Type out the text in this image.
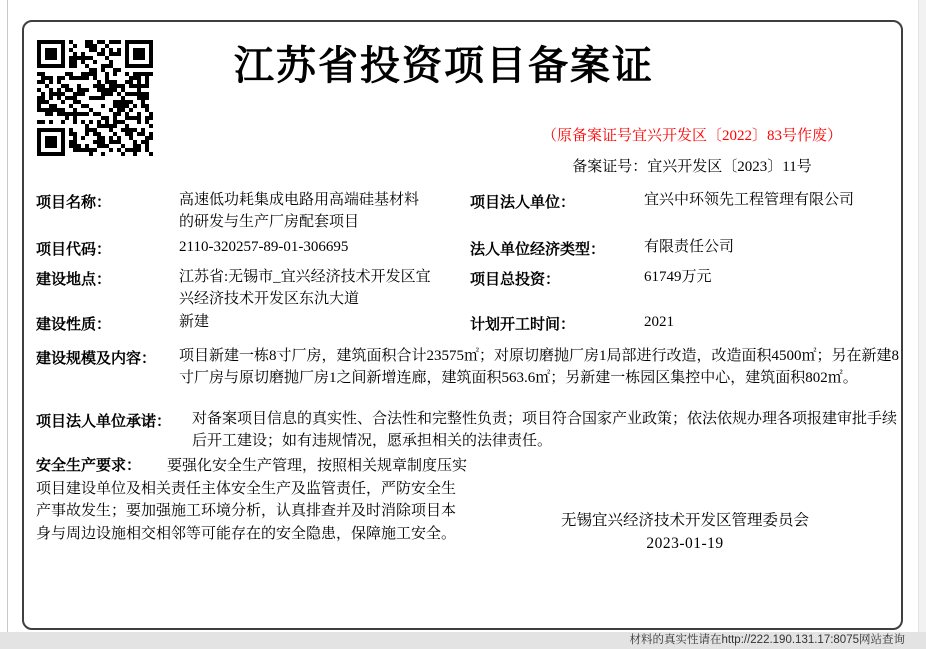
江苏省投资项目备案证
（原备案证号宜兴开发区〔2022〕83号作废）
备案证号：宜兴开发区〔2023〕11号
项目名称：	高速低功耗集成电路用高端硅基材料的研发与生产厂房配套项目
项目代码：	2110-320257-89-01-306695
建设地点：	江苏省:无锡市_宜兴经济技术开发区宜兴经济技术开发区东氿大道
建设性质：	新建
项目法人单位：	宜兴中环领先工程管理有限公司
法人单位经济类型：	有限责任公司
项目总投资：	61749万元
计划开工时间：	2021
建设规模及内容： 项目新建一栋8寸厂房，建筑面积合计23575㎡；对原切磨抛厂房1局部进行改造，改造面积4500㎡；另在新建8寸厂房与原切磨抛厂房1之间新增连廊，建筑面积563.6㎡；另新建一栋园区集控中心，建筑面积802㎡。
项目法人单位承诺： 对备案项目信息的真实性、合法性和完整性负责；项目符合国家产业政策；依法依规办理各项报建审批手续后开工建设；如有违规情况，愿承担相关的法律责任。
安全生产要求： 要强化安全生产管理，按照相关规章制度压实项目建设单位及相关责任主体安全生产及监管责任，严防安全生产事故发生；要加强施工环境分析，认真排查并及时消除项目本身与周边设施相交相邻等可能存在的安全隐患，保障施工安全。
无锡宜兴经济技术开发区管理委员会
2023-01-19
材料的真实性请在http://222.190.131.17:8075网站查询
